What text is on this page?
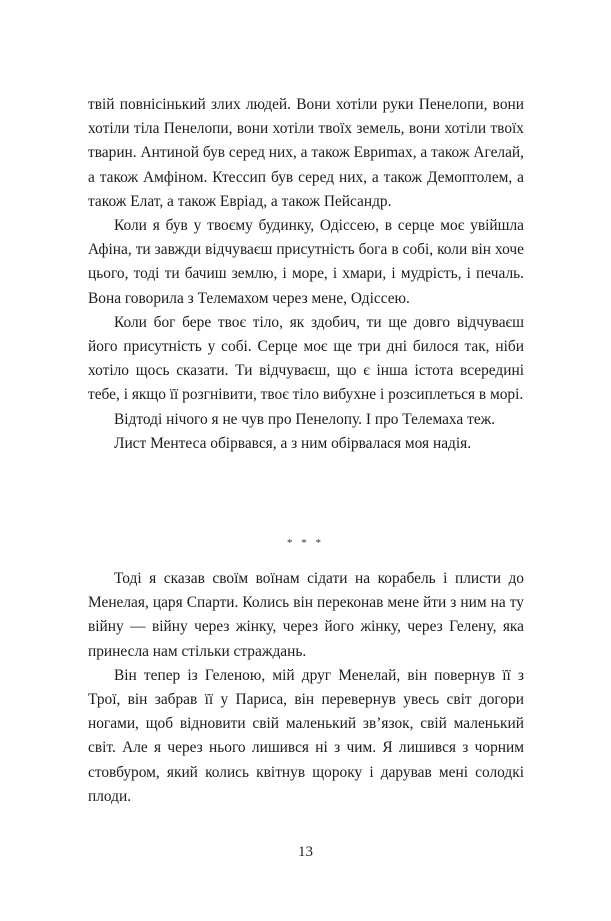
твій повнісінький злих людей. Вони хотіли руки Пенелопи, вони хотіли тіла Пенелопи, вони хотіли твоїх земель, вони хотіли твоїх тварин. Антиной був серед них, а також Евриmах, а також Агелай, а також Амфіном. Ктессип був серед них, а також Демоптолем, а також Елат, а також Евріад, а також Пейсандр.

Коли я був у твоєму будинку, Одіссею, в серце моє увійшла Афіна, ти завжди відчуваєш присутність бога в собі, коли він хоче цього, тоді ти бачиш землю, і море, і хмари, і мудрість, і печаль. Вона говорила з Телемахом через мене, Одіссею.

Коли бог бере твоє тіло, як здобич, ти ще довго відчуваєш його присутність у собі. Серце моє ще три дні билося так, ніби хотіло щось сказати. Ти відчуваєш, що є інша істота всередині тебе, і якщо її розгнівити, твоє тіло вибухне і розсиплеться в морі.

Відтоді нічого я не чув про Пенелопу. І про Телемаха теж.

Лист Ментеса обірвався, а з ним обірвалася моя надія.

* * *

Тоді я сказав своїм воїнам сідати на корабель і плисти до Менелая, царя Спарти. Колись він переконав мене йти з ним на ту війну — війну через жінку, через його жінку, через Гелену, яка принесла нам стільки страждань.

Він тепер із Геленою, мій друг Менелай, він повернув її з Трої, він забрав її у Париса, він перевернув увесь світ догори ногами, щоб відновити свій маленький зв’язок, свій маленький світ. Але я через нього лишився ні з чим. Я лишився з чорним стовбуром, який колись квітнув щороку і дарував мені солодкі плоди.

13
